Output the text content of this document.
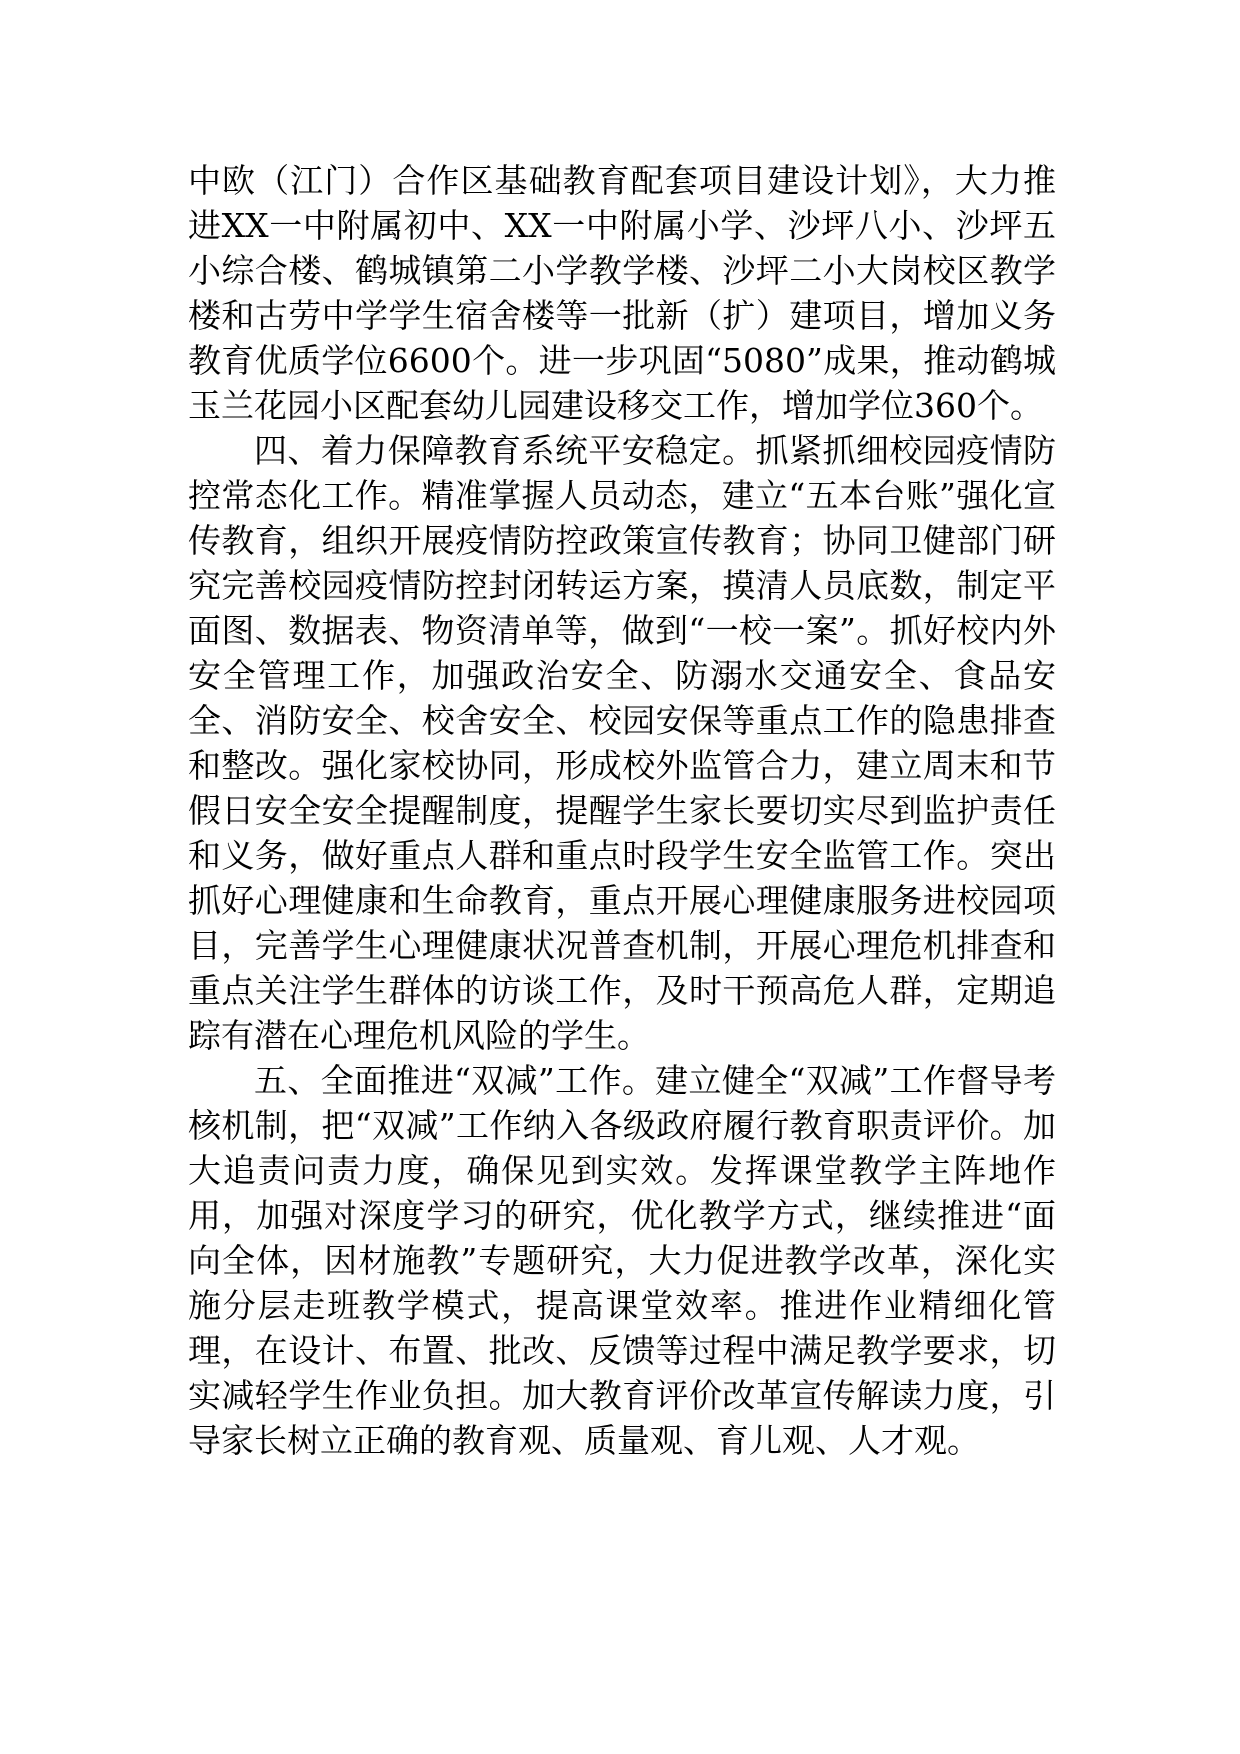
中欧（江门）合作区基础教育配套项目建设计划》，大力推进XX一中附属初中、XX一中附属小学、沙坪八小、沙坪五小综合楼、鹤城镇第二小学教学楼、沙坪二小大岗校区教学楼和古劳中学学生宿舍楼等一批新（扩）建项目，增加义务教育优质学位6600个。进一步巩固“5080”成果，推动鹤城玉兰花园小区配套幼儿园建设移交工作，增加学位360个。

四、着力保障教育系统平安稳定。抓紧抓细校园疫情防控常态化工作。精准掌握人员动态，建立“五本台账”强化宣传教育，组织开展疫情防控政策宣传教育；协同卫健部门研究完善校园疫情防控封闭转运方案，摸清人员底数，制定平面图、数据表、物资清单等，做到“一校一案”。抓好校内外安全管理工作，加强政治安全、防溺水交通安全、食品安全、消防安全、校舍安全、校园安保等重点工作的隐患排查和整改。强化家校协同，形成校外监管合力，建立周末和节假日安全安全提醒制度，提醒学生家长要切实尽到监护责任和义务，做好重点人群和重点时段学生安全监管工作。突出抓好心理健康和生命教育，重点开展心理健康服务进校园项目，完善学生心理健康状况普查机制，开展心理危机排查和重点关注学生群体的访谈工作，及时干预高危人群，定期追踪有潜在心理危机风险的学生。

五、全面推进“双减”工作。建立健全“双减”工作督导考核机制，把“双减”工作纳入各级政府履行教育职责评价。加大追责问责力度，确保见到实效。发挥课堂教学主阵地作用，加强对深度学习的研究，优化教学方式，继续推进“面向全体，因材施教”专题研究，大力促进教学改革，深化实施分层走班教学模式，提高课堂效率。推进作业精细化管理，在设计、布置、批改、反馈等过程中满足教学要求，切实减轻学生作业负担。加大教育评价改革宣传解读力度，引导家长树立正确的教育观、质量观、育儿观、人才观。
